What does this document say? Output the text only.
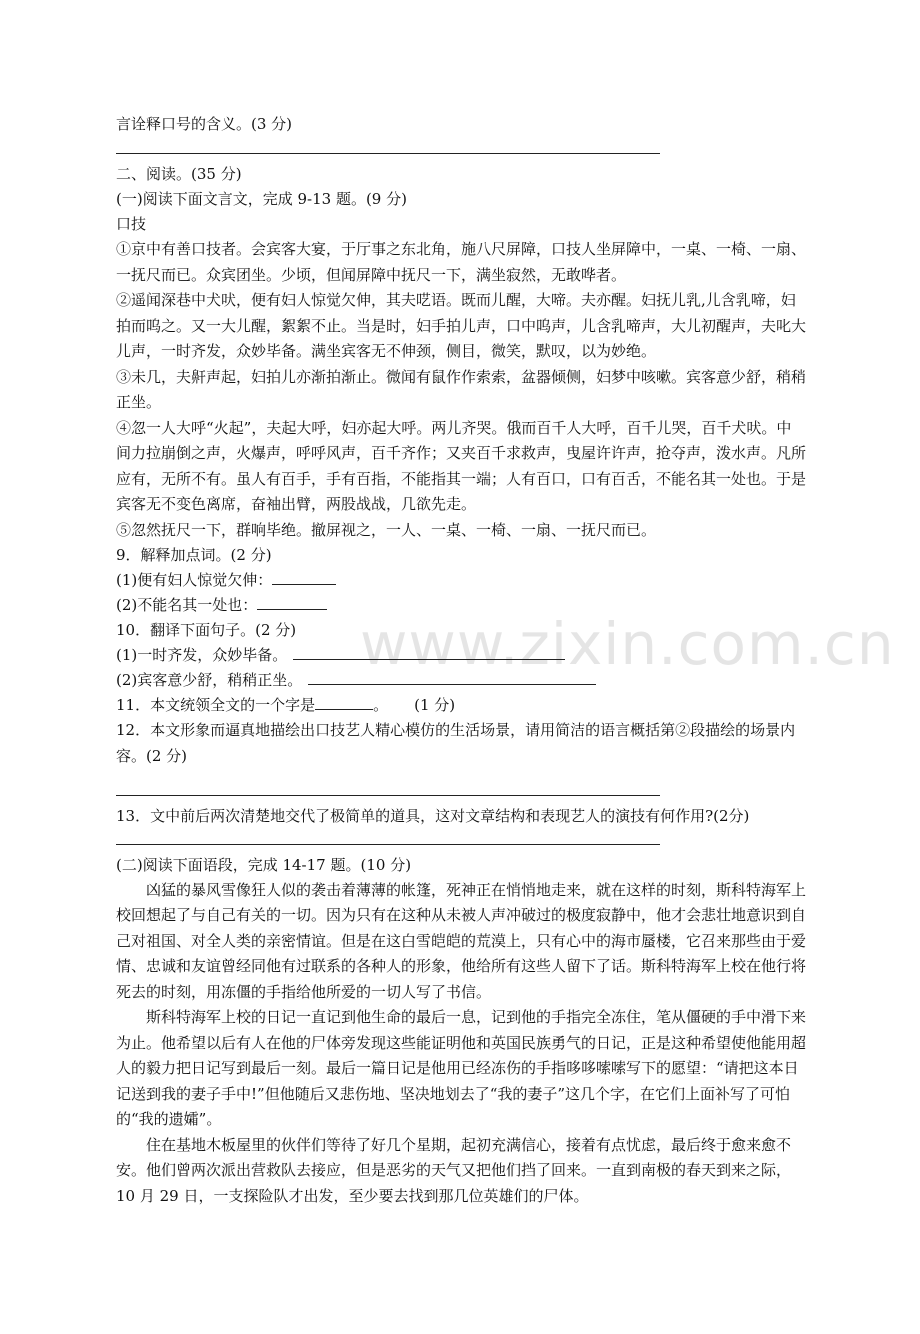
www.zixin.com.cn
言诠释口号的含义。(3 分)
二、阅读。(35 分)
(一)阅读下面文言文，完成 9-13 题。(9 分)
口技
①京中有善口技者。会宾客大宴，于厅事之东北角，施八尺屏障，口技人坐屏障中，一桌、一椅、一扇、一抚尺而已。众宾团坐。少顷，但闻屏障中抚尺一下，满坐寂然，无敢哗者。
②遥闻深巷中犬吠，便有妇人惊觉欠伸，其夫呓语。既而儿醒，大啼。夫亦醒。妇抚儿乳,儿含乳啼，妇拍而呜之。又一大儿醒，絮絮不止。当是时，妇手拍儿声，口中呜声，儿含乳啼声，大儿初醒声，夫叱大儿声，一时齐发，众妙毕备。满坐宾客无不伸颈，侧目，微笑，默叹，以为妙绝。
③未几，夫鼾声起，妇拍儿亦渐拍渐止。微闻有鼠作作索索，盆器倾侧，妇梦中咳嗽。宾客意少舒，稍稍正坐。
④忽一人大呼“火起”，夫起大呼，妇亦起大呼。两儿齐哭。俄而百千人大呼，百千儿哭，百千犬吠。中间力拉崩倒之声，火爆声，呼呼风声，百千齐作；又夹百千求救声，曳屋许许声，抢夺声，泼水声。凡所应有，无所不有。虽人有百手，手有百指，不能指其一端；人有百口，口有百舌，不能名其一处也。于是宾客无不变色离席，奋袖出臂，两股战战，几欲先走。
⑤忽然抚尺一下，群响毕绝。撤屏视之，一人、一桌、一椅、一扇、一抚尺而已。
9．解释加点词。(2 分)
(1)便有妇人惊觉欠伸：
(2)不能名其一处也：
10．翻译下面句子。(2 分)
(1)一时齐发，众妙毕备。
(2)宾客意少舒，稍稍正坐。
11．本文统领全文的一个字是	。 (1 分)
12．本文形象而逼真地描绘出口技艺人精心模仿的生活场景，请用简洁的语言概括第②段描绘的场景内容。(2 分)
13．文中前后两次清楚地交代了极简单的道具，这对文章结构和表现艺人的演技有何作用?(2分)
(二)阅读下面语段，完成 14-17 题。(10 分)
凶猛的暴风雪像狂人似的袭击着薄薄的帐篷，死神正在悄悄地走来，就在这样的时刻，斯科特海军上校回想起了与自己有关的一切。因为只有在这种从未被人声冲破过的极度寂静中，他才会悲壮地意识到自己对祖国、对全人类的亲密情谊。但是在这白雪皑皑的荒漠上，只有心中的海市蜃楼，它召来那些由于爱情、忠诚和友谊曾经同他有过联系的各种人的形象，他给所有这些人留下了话。斯科特海军上校在他行将死去的时刻，用冻僵的手指给他所爱的一切人写了书信。
斯科特海军上校的日记一直记到他生命的最后一息，记到他的手指完全冻住，笔从僵硬的手中滑下来为止。他希望以后有人在他的尸体旁发现这些能证明他和英国民族勇气的日记，正是这种希望使他能用超人的毅力把日记写到最后一刻。最后一篇日记是他用已经冻伤的手指哆哆嗦嗦写下的愿望：“请把这本日记送到我的妻子手中!”但他随后又悲伤地、坚决地划去了“我的妻子”这几个字，在它们上面补写了可怕的“我的遗孀”。
住在基地木板屋里的伙伴们等待了好几个星期，起初充满信心，接着有点忧虑，最后终于愈来愈不安。他们曾两次派出营救队去接应，但是恶劣的天气又把他们挡了回来。一直到南极的春天到来之际，10 月 29 日，一支探险队才出发，至少要去找到那几位英雄们的尸体。
